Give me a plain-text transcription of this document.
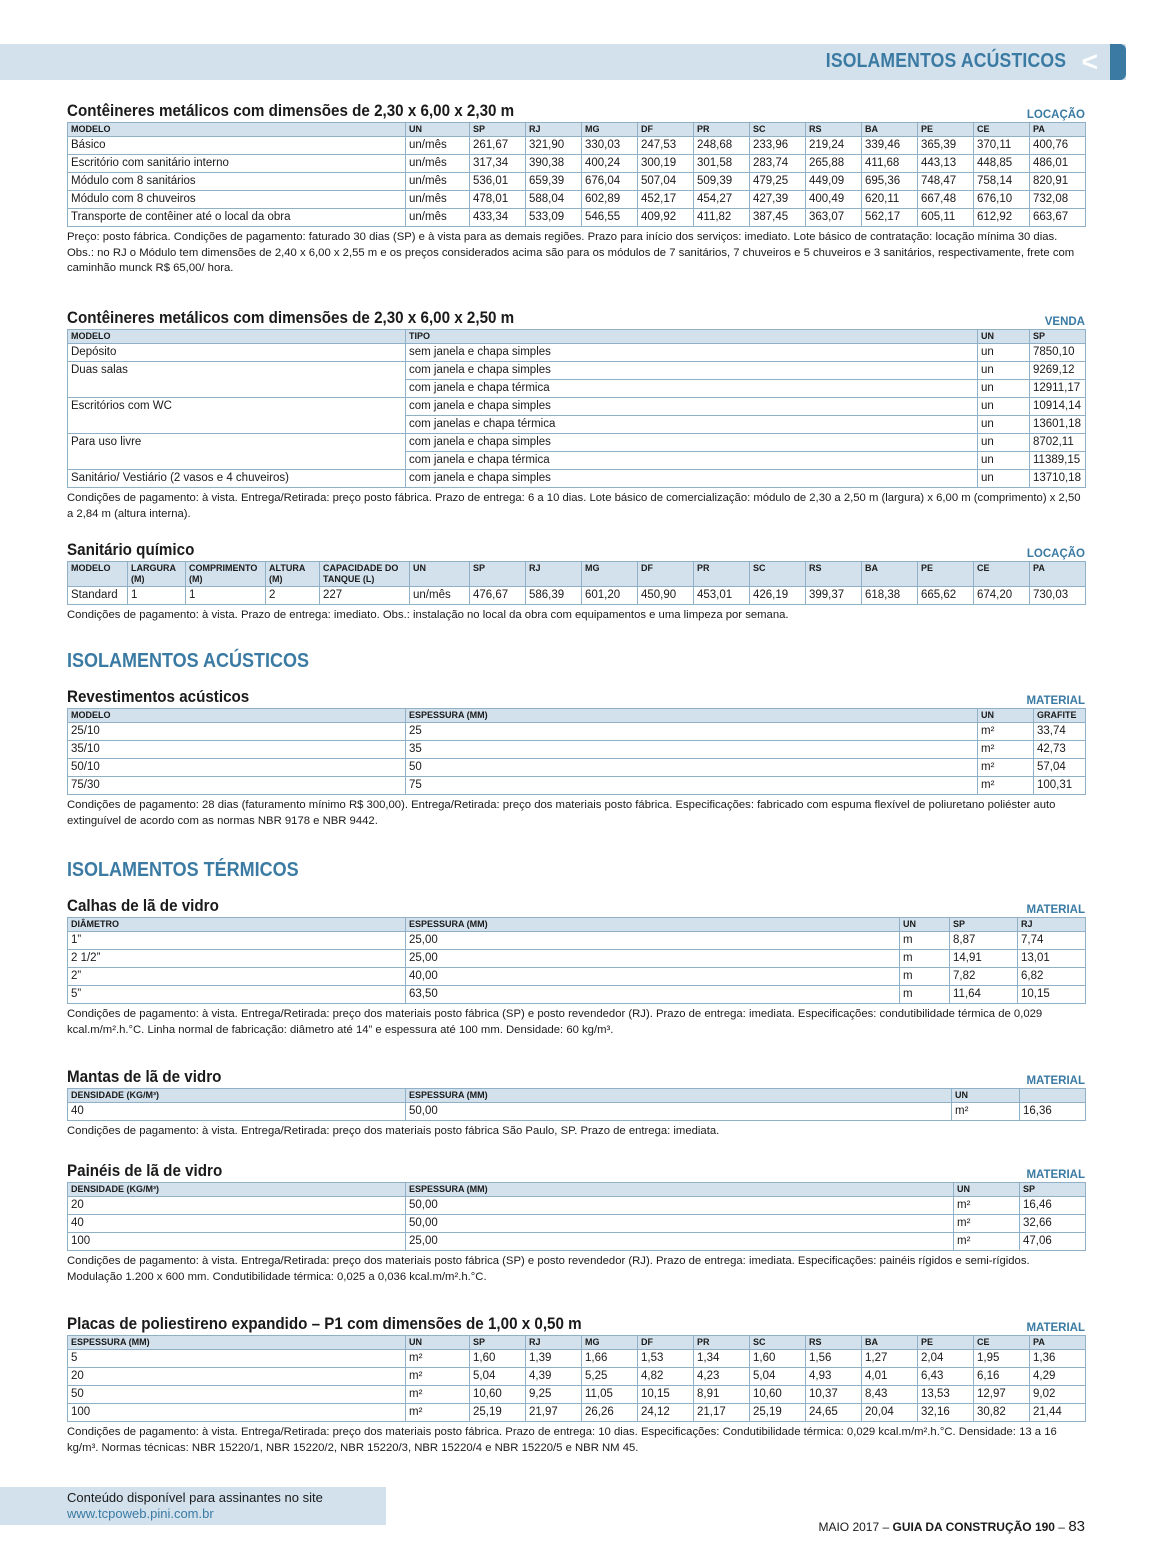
ISOLAMENTOS ACÚSTICOS <
Contêineres metálicos com dimensões de 2,30 x 6,00 x 2,30 m	LOCAÇÃO
MODELO	UN	SP	RJ	MG	DF	PR	SC	RS	BA	PE	CE	PA
Básico	un/mês	261,67	321,90	330,03	247,53	248,68	233,96	219,24	339,46	365,39	370,11	400,76
Escritório com sanitário interno	un/mês	317,34	390,38	400,24	300,19	301,58	283,74	265,88	411,68	443,13	448,85	486,01
Módulo com 8 sanitários	un/mês	536,01	659,39	676,04	507,04	509,39	479,25	449,09	695,36	748,47	758,14	820,91
Módulo com 8 chuveiros	un/mês	478,01	588,04	602,89	452,17	454,27	427,39	400,49	620,11	667,48	676,10	732,08
Transporte de contêiner até o local da obra	un/mês	433,34	533,09	546,55	409,92	411,82	387,45	363,07	562,17	605,11	612,92	663,67
Preço: posto fábrica. Condições de pagamento: faturado 30 dias (SP) e à vista para as demais regiões. Prazo para início dos serviços: imediato. Lote básico de contratação: locação mínima 30 dias.
Obs.: no RJ o Módulo tem dimensões de 2,40 x 6,00 x 2,55 m e os preços considerados acima são para os módulos de 7 sanitários, 7 chuveiros e 5 chuveiros e 3 sanitários, respectivamente, frete com caminhão munck R$ 65,00/ hora.
Contêineres metálicos com dimensões de 2,30 x 6,00 x 2,50 m	VENDA
MODELO	TIPO	UN	SP
Depósito	sem janela e chapa simples	un	7850,10
Duas salas	com janela e chapa simples	un	9269,12
	com janela e chapa térmica	un	12911,17
Escritórios com WC	com janela e chapa simples	un	10914,14
	com janelas e chapa térmica	un	13601,18
Para uso livre	com janela e chapa simples	un	8702,11
	com janela e chapa térmica	un	11389,15
Sanitário/ Vestiário (2 vasos e 4 chuveiros)	com janela e chapa simples	un	13710,18
Condições de pagamento: à vista. Entrega/Retirada: preço posto fábrica. Prazo de entrega: 6 a 10 dias. Lote básico de comercialização: módulo de 2,30 a 2,50 m (largura) x 6,00 m (comprimento) x 2,50 a 2,84 m (altura interna).
Sanitário químico	LOCAÇÃO
MODELO	LARGURA (M)	COMPRIMENTO (M)	ALTURA (M)	CAPACIDADE DO TANQUE (L)	UN	SP	RJ	MG	DF	PR	SC	RS	BA	PE	CE	PA
Standard	1	1	2	227	un/mês	476,67	586,39	601,20	450,90	453,01	426,19	399,37	618,38	665,62	674,20	730,03
Condições de pagamento: à vista. Prazo de entrega: imediato. Obs.: instalação no local da obra com equipamentos e uma limpeza por semana.
ISOLAMENTOS ACÚSTICOS
Revestimentos acústicos	MATERIAL
MODELO	ESPESSURA (MM)	UN	GRAFITE
25/10	25	m²	33,74
35/10	35	m²	42,73
50/10	50	m²	57,04
75/30	75	m²	100,31
Condições de pagamento: 28 dias (faturamento mínimo R$ 300,00). Entrega/Retirada: preço dos materiais posto fábrica. Especificações: fabricado com espuma flexível de poliuretano poliéster auto extinguível de acordo com as normas NBR 9178 e NBR 9442.
ISOLAMENTOS TÉRMICOS
Calhas de lã de vidro	MATERIAL
DIÂMETRO	ESPESSURA (MM)	UN	SP	RJ
1”	25,00	m	8,87	7,74
2 1/2”	25,00	m	14,91	13,01
2”	40,00	m	7,82	6,82
5”	63,50	m	11,64	10,15
Condições de pagamento: à vista. Entrega/Retirada: preço dos materiais posto fábrica (SP) e posto revendedor (RJ). Prazo de entrega: imediata. Especificações: condutibilidade térmica de 0,029 kcal.m/m².h.°C. Linha normal de fabricação: diâmetro até 14” e espessura até 100 mm. Densidade: 60 kg/m³.
Mantas de lã de vidro	MATERIAL
DENSIDADE (KG/M³)	ESPESSURA (MM)	UN	
40	50,00	m²	16,36
Condições de pagamento: à vista. Entrega/Retirada: preço dos materiais posto fábrica São Paulo, SP. Prazo de entrega: imediata.
Painéis de lã de vidro	MATERIAL
DENSIDADE (KG/M³)	ESPESSURA (MM)	UN	SP
20	50,00	m²	16,46
40	50,00	m²	32,66
100	25,00	m²	47,06
Condições de pagamento: à vista. Entrega/Retirada: preço dos materiais posto fábrica (SP) e posto revendedor (RJ). Prazo de entrega: imediata. Especificações: painéis rígidos e semi-rígidos. Modulação 1.200 x 600 mm. Condutibilidade térmica: 0,025 a 0,036 kcal.m/m².h.°C.
Placas de poliestireno expandido – P1 com dimensões de 1,00 x 0,50 m	MATERIAL
ESPESSURA (MM)	UN	SP	RJ	MG	DF	PR	SC	RS	BA	PE	CE	PA
5	m²	1,60	1,39	1,66	1,53	1,34	1,60	1,56	1,27	2,04	1,95	1,36
20	m²	5,04	4,39	5,25	4,82	4,23	5,04	4,93	4,01	6,43	6,16	4,29
50	m²	10,60	9,25	11,05	10,15	8,91	10,60	10,37	8,43	13,53	12,97	9,02
100	m²	25,19	21,97	26,26	24,12	21,17	25,19	24,65	20,04	32,16	30,82	21,44
Condições de pagamento: à vista. Entrega/Retirada: preço dos materiais posto fábrica. Prazo de entrega: 10 dias. Especificações: Condutibilidade térmica: 0,029 kcal.m/m².h.°C. Densidade: 13 a 16 kg/m³. Normas técnicas: NBR 15220/1, NBR 15220/2, NBR 15220/3, NBR 15220/4 e NBR 15220/5 e NBR NM 45.
Conteúdo disponível para assinantes no site
www.tcpoweb.pini.com.br
MAIO 2017 – GUIA DA CONSTRUÇÃO 190 – 83
